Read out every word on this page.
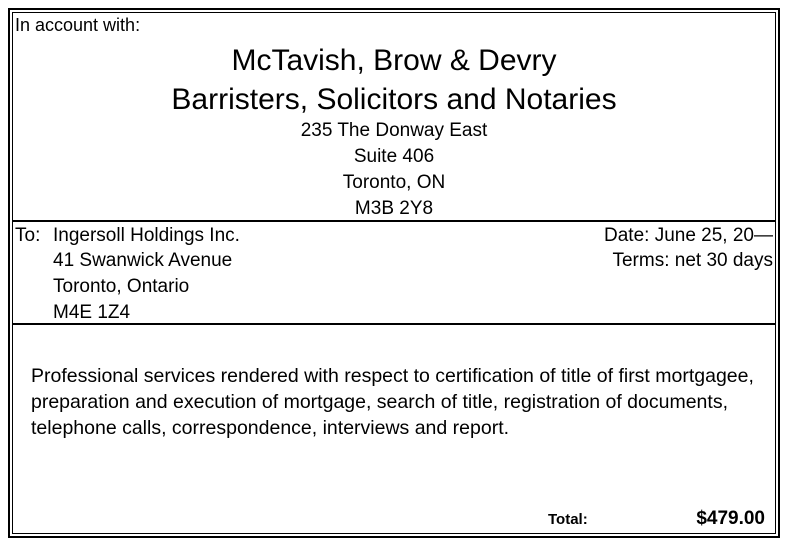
In account with:
McTavish, Brow & Devry
Barristers, Solicitors and Notaries
235 The Donway East
Suite 406
Toronto, ON
M3B 2Y8
To: Ingersoll Holdings Inc.
41 Swanwick Avenue
Toronto, Ontario
M4E 1Z4
Date: June 25, 20—
Terms: net 30 days
Professional services rendered with respect to certification of title of first mortgagee, preparation and execution of mortgage, search of title, registration of documents, telephone calls, correspondence, interviews and report.
Total:	$479.00
